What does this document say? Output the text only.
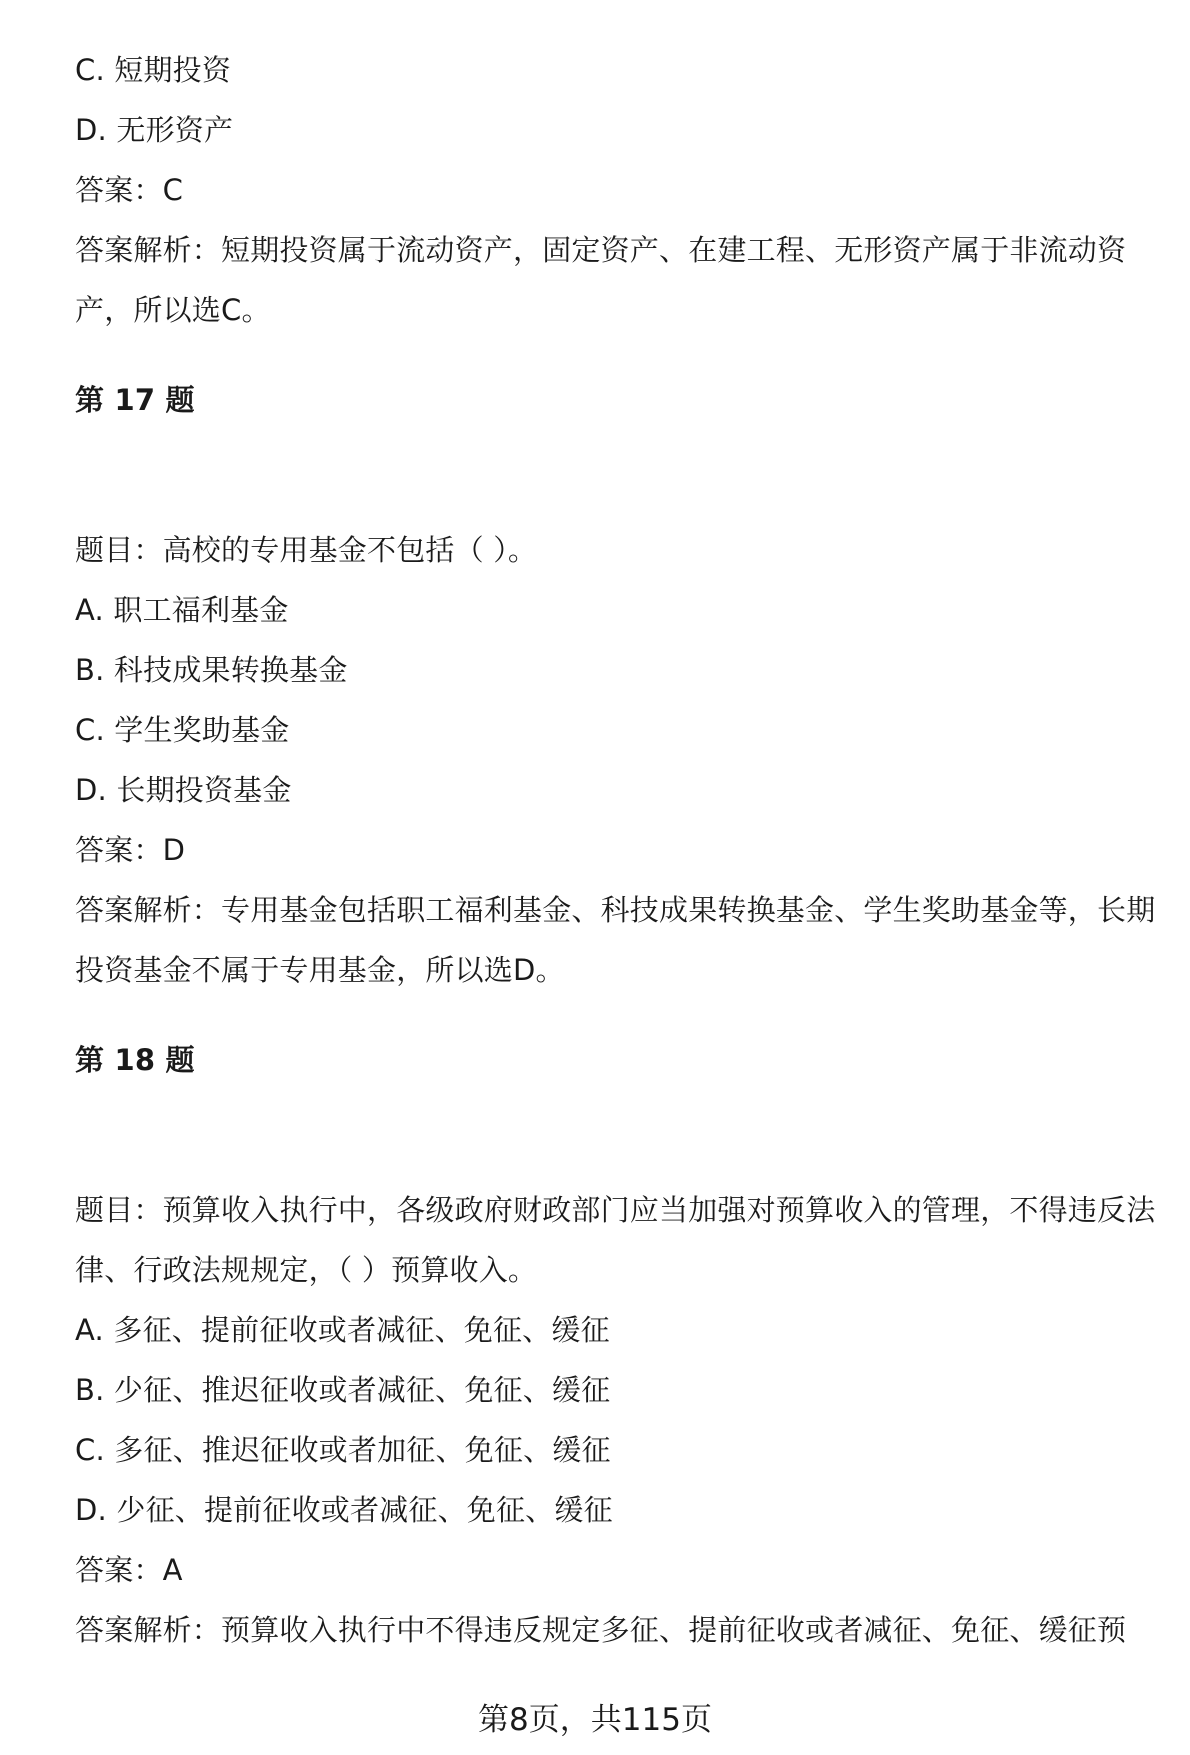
C. 短期投资
D. 无形资产
答案：C
答案解析：短期投资属于流动资产，固定资产、在建工程、无形资产属于非流动资产，所以选C。
第 17 题
题目：高校的专用基金不包括（ ）。
A. 职工福利基金
B. 科技成果转换基金
C. 学生奖助基金
D. 长期投资基金
答案：D
答案解析：专用基金包括职工福利基金、科技成果转换基金、学生奖助基金等，长期投资基金不属于专用基金，所以选D。
第 18 题
题目：预算收入执行中，各级政府财政部门应当加强对预算收入的管理，不得违反法律、行政法规规定，（ ）预算收入。
A. 多征、提前征收或者减征、免征、缓征
B. 少征、推迟征收或者减征、免征、缓征
C. 多征、推迟征收或者加征、免征、缓征
D. 少征、提前征收或者减征、免征、缓征
答案：A
答案解析：预算收入执行中不得违反规定多征、提前征收或者减征、免征、缓征预
第8页，共115页
